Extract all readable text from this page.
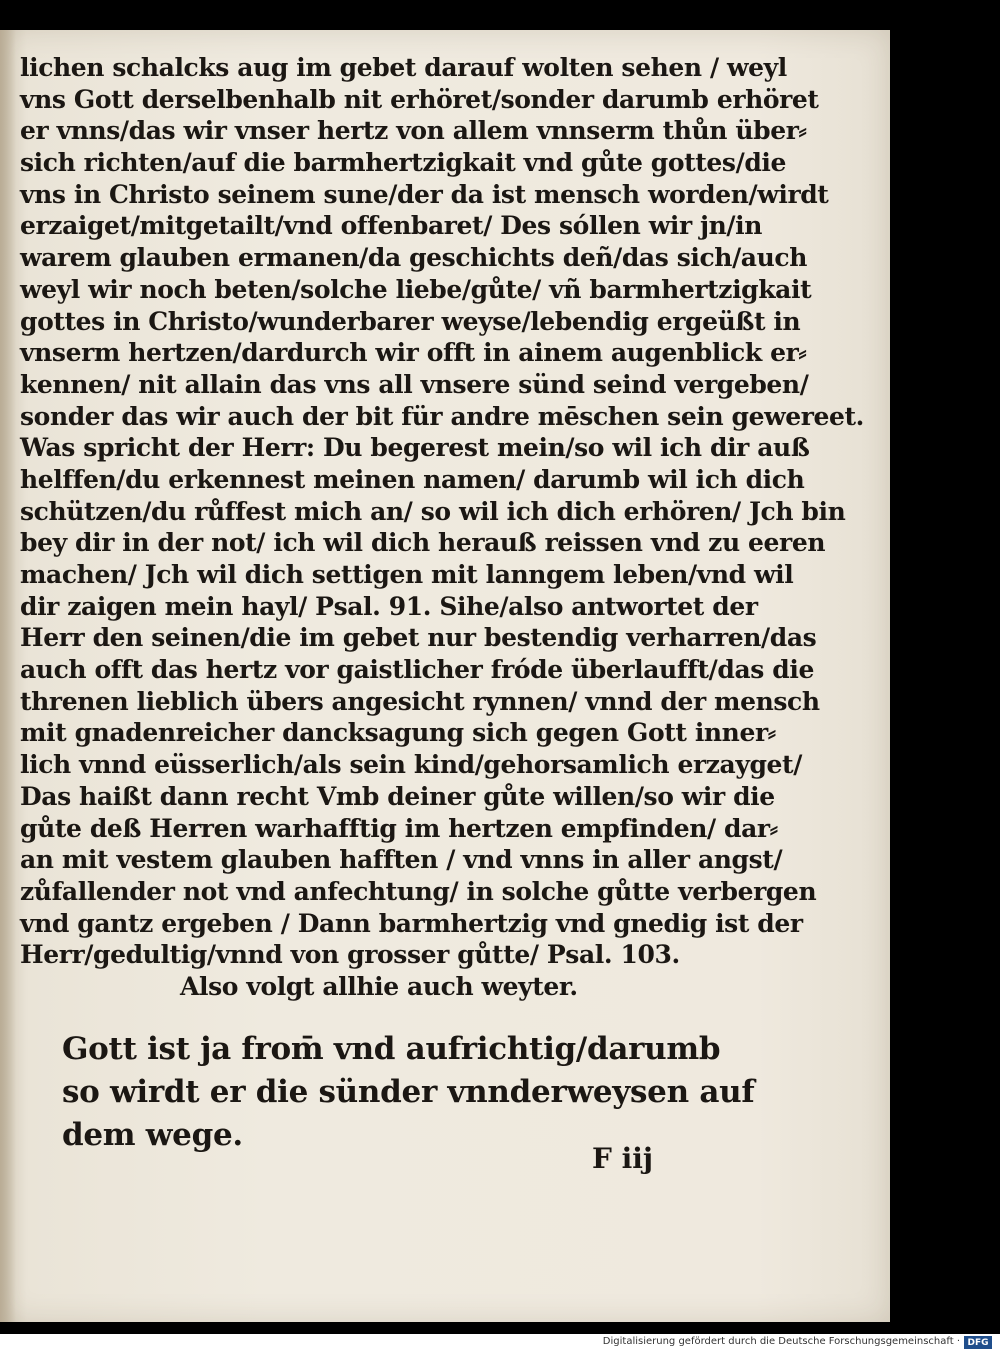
lichen schalcks aug im gebet darauf wolten sehen / weyl
vns Gott derselbenhalb nit erhöret/sonder darumb erhöret
er vnns/das wir vnser hertz von allem vnnserm thůn über⸗
sich richten/auf die barmhertzigkait vnd gůte gottes/die
vns in Christo seinem sune/der da ist mensch worden/wirdt
erzaiget/mitgetailt/vnd offenbaret/ Des sóllen wir jn/in
warem glauben ermanen/da geschichts deñ/das sich/auch
weyl wir noch beten/solche liebe/gůte/ vñ barmhertzigkait
gottes in Christo/wunderbarer weyse/lebendig ergeüßt in
vnserm hertzen/dardurch wir offt in ainem augenblick er⸗
kennen/ nit allain das vns all vnsere sünd seind vergeben/
sonder das wir auch der bit für andre mēschen sein gewereet.
Was spricht der Herr: Du begerest mein/so wil ich dir auß
helffen/du erkennest meinen namen/ darumb wil ich dich
schützen/du růffest mich an/ so wil ich dich erhören/ Jch bin
bey dir in der not/ ich wil dich herauß reissen vnd zu eeren
machen/ Jch wil dich settigen mit lanngem leben/vnd wil
dir zaigen mein hayl/ Psal. 91. Sihe/also antwortet der
Herr den seinen/die im gebet nur bestendig verharren/das
auch offt das hertz vor gaistlicher fróde überlaufft/das die
threnen lieblich übers angesicht rynnen/ vnnd der mensch
mit gnadenreicher dancksagung sich gegen Gott inner⸗
lich vnnd eüsserlich/als sein kind/gehorsamlich erzayget/
Das haißt dann recht Vmb deiner gůte willen/so wir die
gůte deß Herren warhafftig im hertzen empfinden/ dar⸗
an mit vestem glauben hafften / vnd vnns in aller angst/
zůfallender not vnd anfechtung/ in solche gůtte verbergen
vnd gantz ergeben / Dann barmhertzig vnd gnedig ist der
Herr/gedultig/vnnd von grosser gůtte/ Psal. 103.
Also volgt allhie auch weyter.
Gott ist ja from̄ vnd aufrichtig/darumb
so wirdt er die sünder vnnderweysen auf
dem wege.
F iij
Digitalisierung gefördert durch die Deutsche Forschungsgemeinschaft · DFG
